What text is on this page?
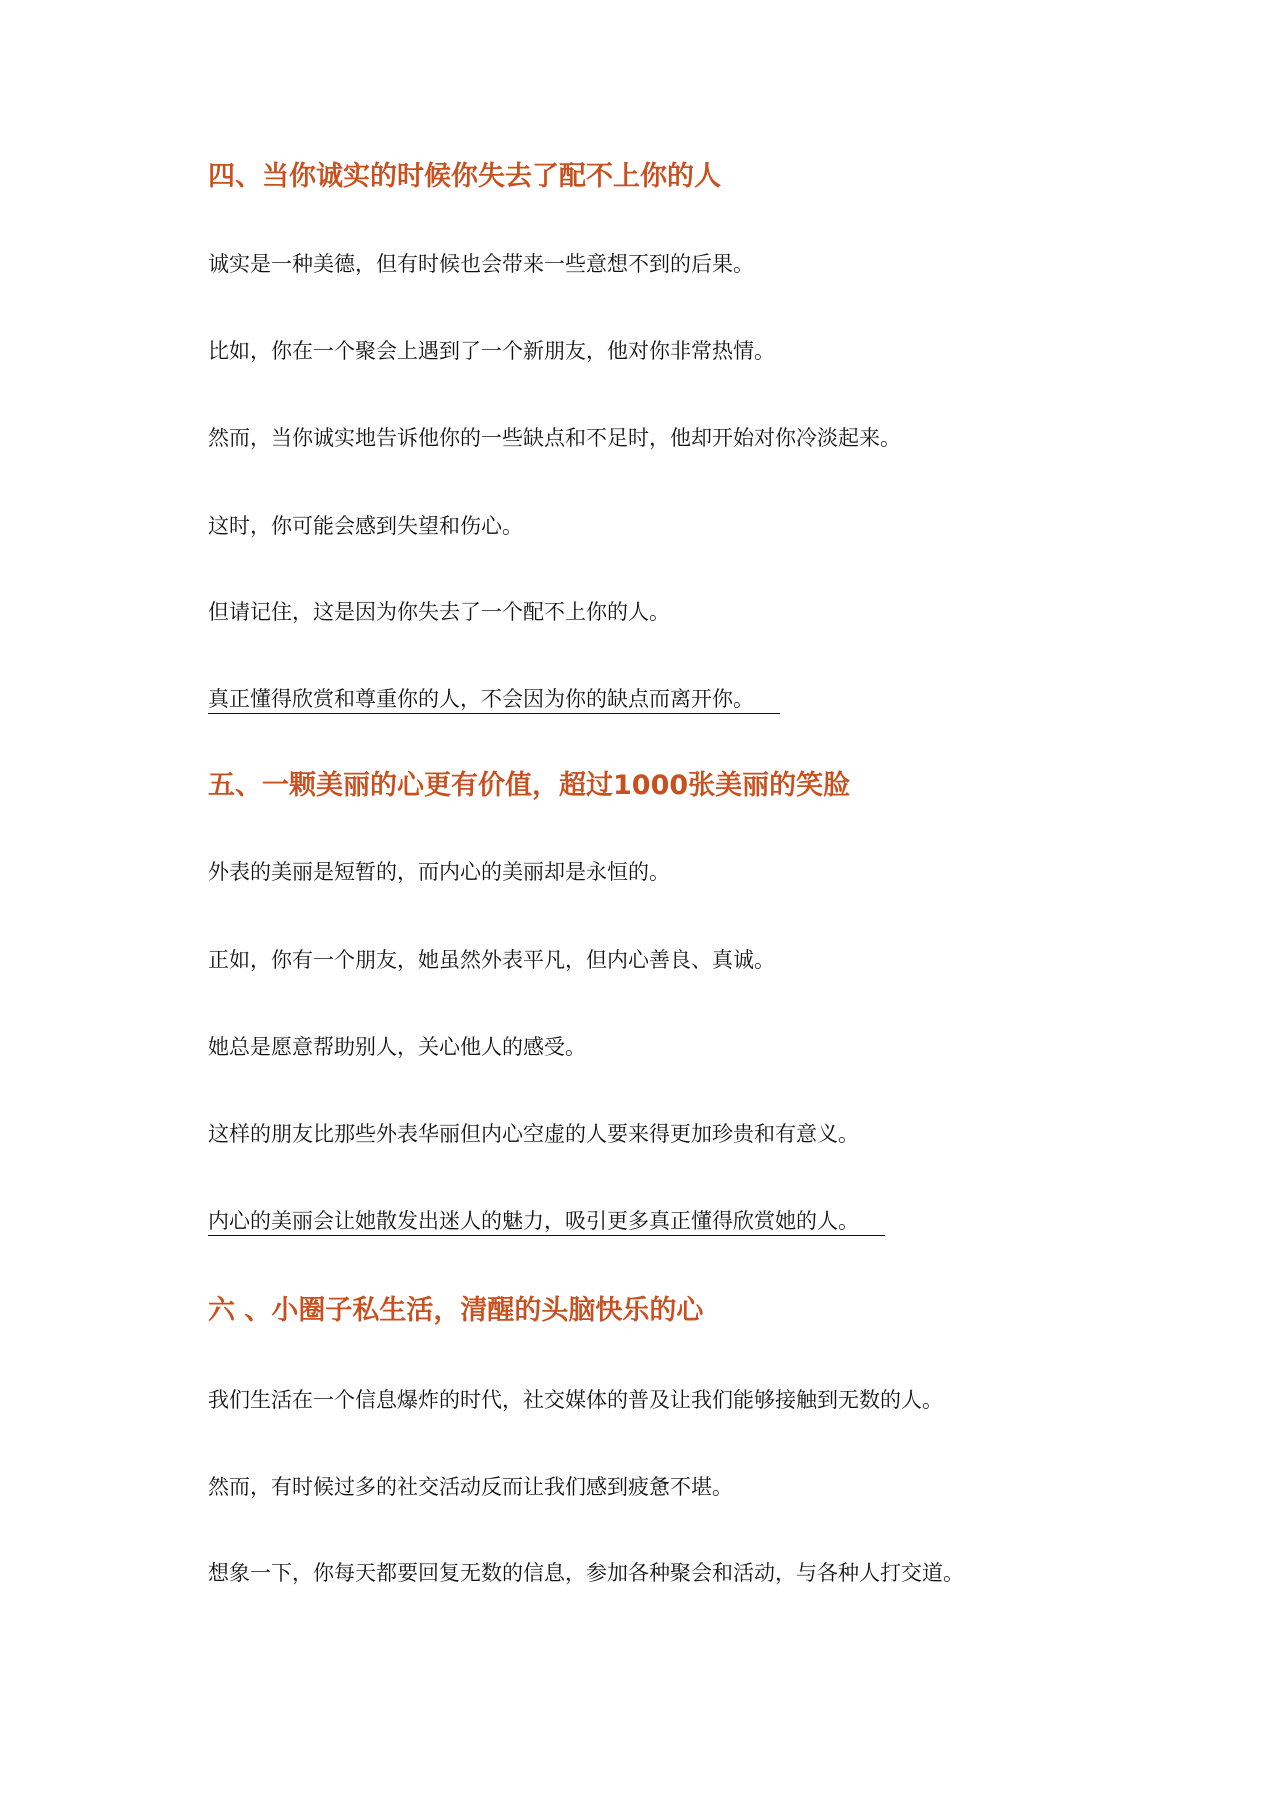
四、当你诚实的时候你失去了配不上你的人
诚实是一种美德，但有时候也会带来一些意想不到的后果。
比如，你在一个聚会上遇到了一个新朋友，他对你非常热情。
然而，当你诚实地告诉他你的一些缺点和不足时，他却开始对你冷淡起来。
这时，你可能会感到失望和伤心。
但请记住，这是因为你失去了一个配不上你的人。
真正懂得欣赏和尊重你的人，不会因为你的缺点而离开你。
五、一颗美丽的心更有价值，超过1000张美丽的笑脸
外表的美丽是短暂的，而内心的美丽却是永恒的。
正如，你有一个朋友，她虽然外表平凡，但内心善良、真诚。
她总是愿意帮助别人，关心他人的感受。
这样的朋友比那些外表华丽但内心空虚的人要来得更加珍贵和有意义。
内心的美丽会让她散发出迷人的魅力，吸引更多真正懂得欣赏她的人。
六 、小圈子私生活，清醒的头脑快乐的心
我们生活在一个信息爆炸的时代，社交媒体的普及让我们能够接触到无数的人。
然而，有时候过多的社交活动反而让我们感到疲惫不堪。
想象一下，你每天都要回复无数的信息，参加各种聚会和活动，与各种人打交道。
